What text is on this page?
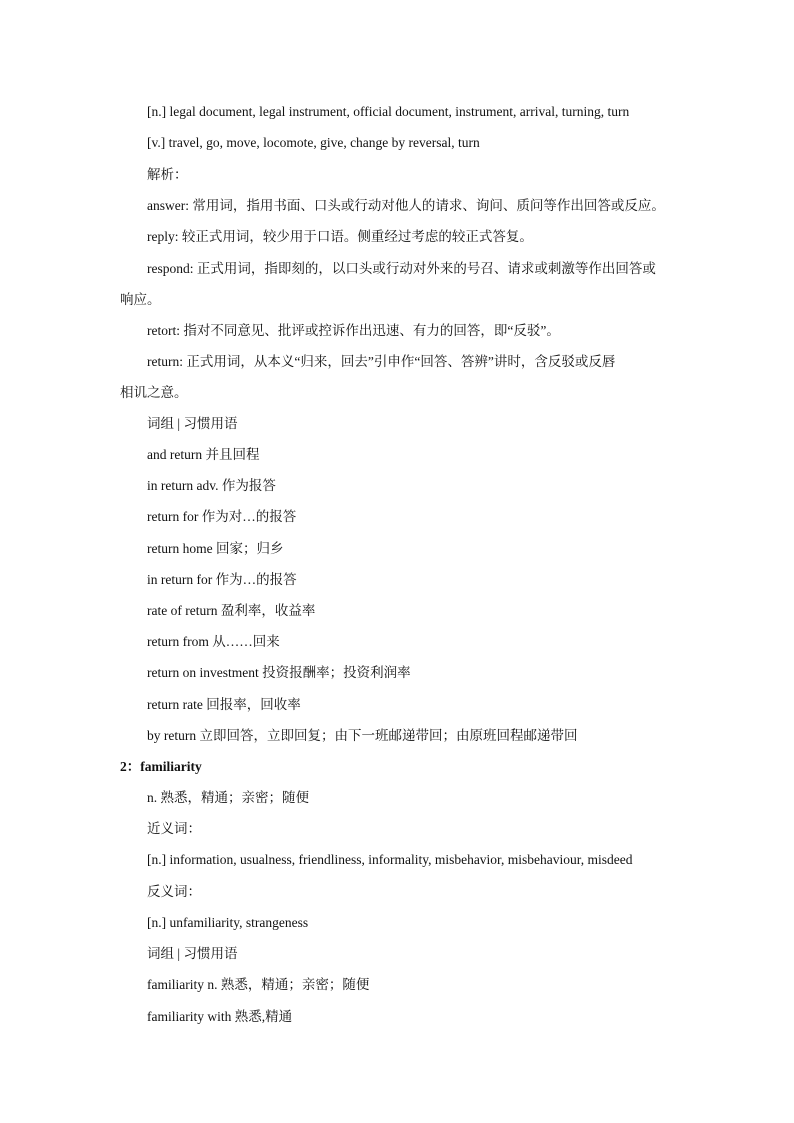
[n.] legal document, legal instrument, official document, instrument, arrival, turning, turn
[v.] travel, go, move, locomote, give, change by reversal, turn
解析：
answer: 常用词，指用书面、口头或行动对他人的请求、询问、质问等作出回答或反应。
reply: 较正式用词，较少用于口语。侧重经过考虑的较正式答复。
respond: 正式用词，指即刻的，以口头或行动对外来的号召、请求或刺激等作出回答或
响应。
retort: 指对不同意见、批评或控诉作出迅速、有力的回答，即“反驳”。
return: 正式用词，从本义“归来，回去”引申作“回答、答辨”讲时，含反驳或反唇
相讥之意。
词组 | 习惯用语
and return 并且回程
in return adv. 作为报答
return for 作为对…的报答
return home 回家；归乡
in return for 作为…的报答
rate of return 盈利率，收益率
return from 从……回来
return on investment 投资报酬率；投资利润率
return rate 回报率，回收率
by return 立即回答，立即回复；由下一班邮递带回；由原班回程邮递带回
2：familiarity
n. 熟悉，精通；亲密；随便
近义词：
[n.] information, usualness, friendliness, informality, misbehavior, misbehaviour, misdeed
反义词：
[n.] unfamiliarity, strangeness
词组 | 习惯用语
familiarity n. 熟悉，精通；亲密；随便
familiarity with 熟悉,精通
